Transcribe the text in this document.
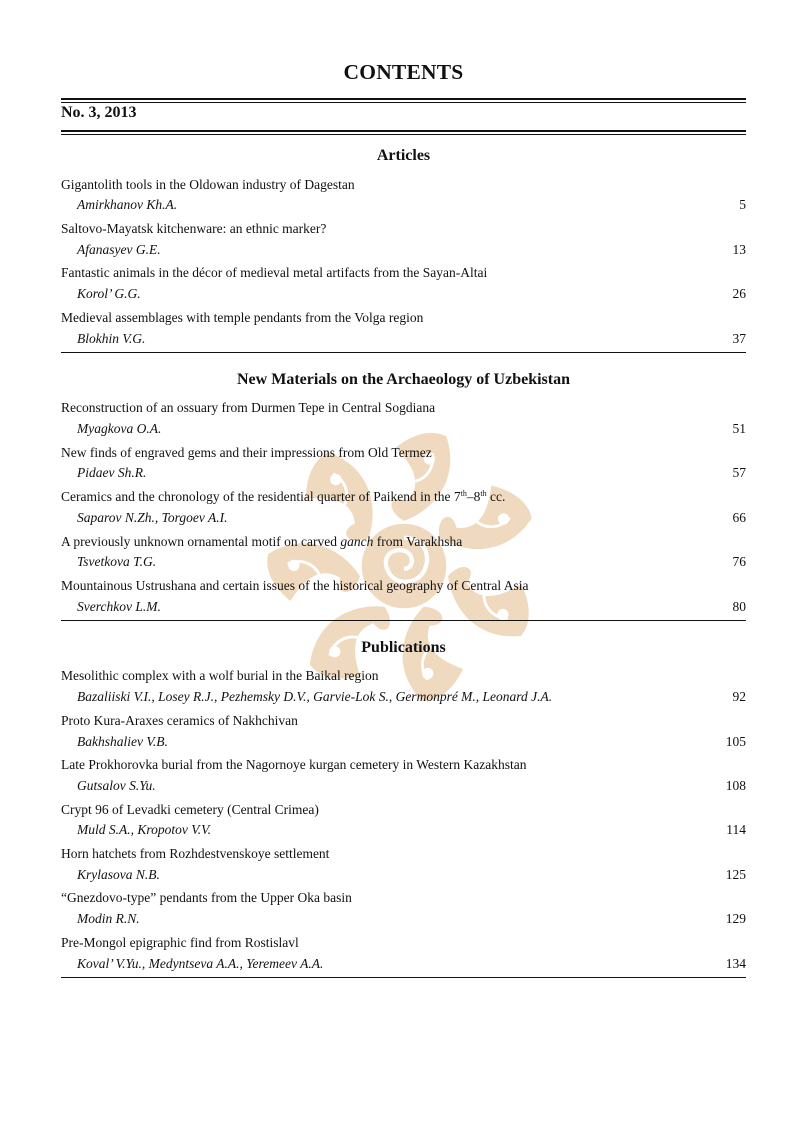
CONTENTS
No. 3, 2013
Articles
Gigantolith tools in the Oldowan industry of Dagestan
Amirkhanov Kh.A.	5
Saltovo-Mayatsk kitchenware: an ethnic marker?
Afanasyev G.E.	13
Fantastic animals in the décor of medieval metal artifacts from the Sayan-Altai
Korol’ G.G.	26
Medieval assemblages with temple pendants from the Volga region
Blokhin V.G.	37
New Materials on the Archaeology of Uzbekistan
Reconstruction of an ossuary from Durmen Tepe in Central Sogdiana
Myagkova O.A.	51
New finds of engraved gems and their impressions from Old Termez
Pidaev Sh.R.	57
Ceramics and the chronology of the residential quarter of Paikend in the 7th–8th cc.
Saparov N.Zh., Torgoev A.I.	66
A previously unknown ornamental motif on carved ganch from Varakhsha
Tsvetkova T.G.	76
Mountainous Ustrushana and certain issues of the historical geography of Central Asia
Sverchkov L.M.	80
Publications
Mesolithic complex with a wolf burial in the Baikal region
Bazaliiski V.I., Losey R.J., Pezhemsky D.V., Garvie-Lok S., Germonpré M., Leonard J.A.	92
Proto Kura-Araxes ceramics of Nakhchivan
Bakhshaliev V.B.	105
Late Prokhorovka burial from the Nagornoye kurgan cemetery in Western Kazakhstan
Gutsalov S.Yu.	108
Crypt 96 of Levadki cemetery (Central Crimea)
Muld S.A., Kropotov V.V.	114
Horn hatchets from Rozhdestvenskoye settlement
Krylasova N.B.	125
“Gnezdovo-type” pendants from the Upper Oka basin
Modin R.N.	129
Pre-Mongol epigraphic find from Rostislavl
Koval’ V.Yu., Medyntseva A.A., Yeremeev A.A.	134
